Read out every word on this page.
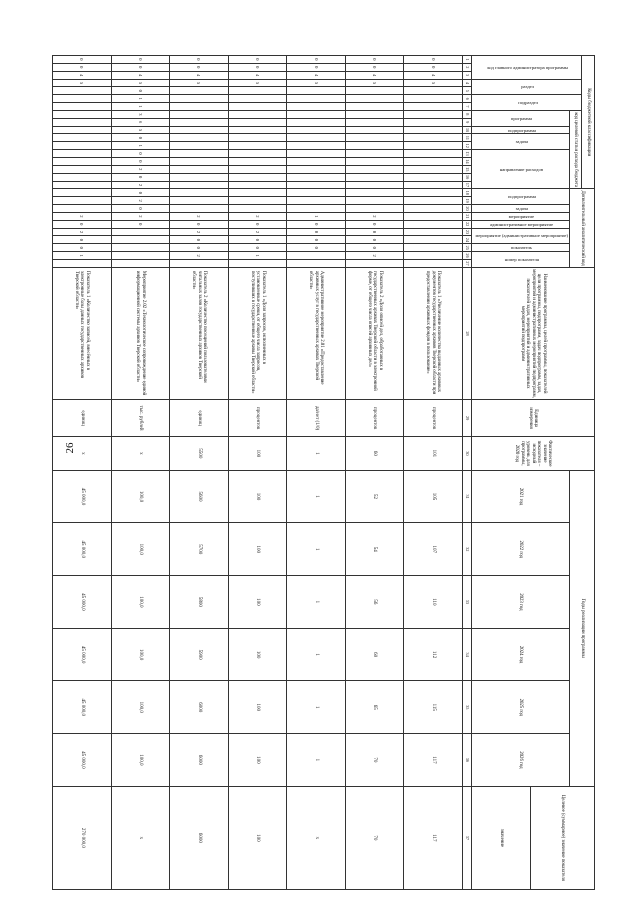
26
Коды бюджетной классификации																	Дополнительный аналитический код										Наименование программы, целей программы, показателей цели программы, подпрограмм, задач подпрограмм, задач, мероприятий и административных мероприятий подпрограмм, показателей задач, мероприятий и административных мероприятий подпрограмм	Единица измерения	Фактическое значение показателя – исходный уровень для программы, 2020 год	Годы реализации программы						Целевое (суммарное) значение показателя
код главного администратора программы			раздел		подраздел		код целевой статьи расхода бюджета																													
							программа		подпрограмма	задача		направление расходов					подпрограмма		задача	мероприятие	административное мероприятие	мероприятие (административное мероприятие)		показатель	номер показателя					2021 год	2022 год	2023 год	2024 год	2025 год	2026 год	
																																				значение
1	2	3	4	5	6	7	8	9	10	11	12	13	14	15	16	17	18	19	20	21	22	23	24	25	26	27	28	29	30	31	32	33	34	35	36	37
0	0	4	5																								Показатель 1 «Увеличение количества выданных архивных документов государственных архивов Тверской области при предоставлении архивных фондов в пользование»	процентов	101	105	107	110	112	115	117	117
0	0	4	5																	2	0	0	0	0	2		Показатель 2 «Доля описей дел, обработанных в государственных архивах Тверской области в электронной форме, от общего числа описей архивных дел»	процентов	60	52	54	56	60	65	70	70
0	0	4	5																	1	0	0	0	0			Административное мероприятие 2.01 «Предоставление архивных услуг в государственных архивах Тверской области»	да/нет (1/0)	1	1	1	1	1	1	1	x
0	0	4	5																	2	0	2	0	0	1		Показатель 1 «Доля запросов, исполненных в установленные сроки, от общего числа запросов, поступивших в государственные архивы Тверской области»	процентов	100	100	100	100	100	100	100	100
0	0	4	5																	2	0	2	0	0	2		Показатель 2 «Количество посещений пользователями читальных залов государственных архивов Тверской области»	единиц	5500	5600	5700	5800	5900	6000	6000	6000
0	0	4	5	0	1	1	3	6	5	0	1	0	0	2	0	2	0	2	0	2	0						Мероприятие 2.02 «Технологическое сопровождение единой информационной системы архивов Тверской области»	тыс. рублей	x	100,0	100,0	100,0	100,0	100,0	100,0	x
0	0	4	5																	2	0	2	0	0	1		Показатель 1 «Количество записей, внесённых в электронные базы данных государственных архивов Тверской области»	единиц	x	45 000,0	45 000,0	45 000,0	45 000,0	45 000,0	45 000,0	270 000,0
